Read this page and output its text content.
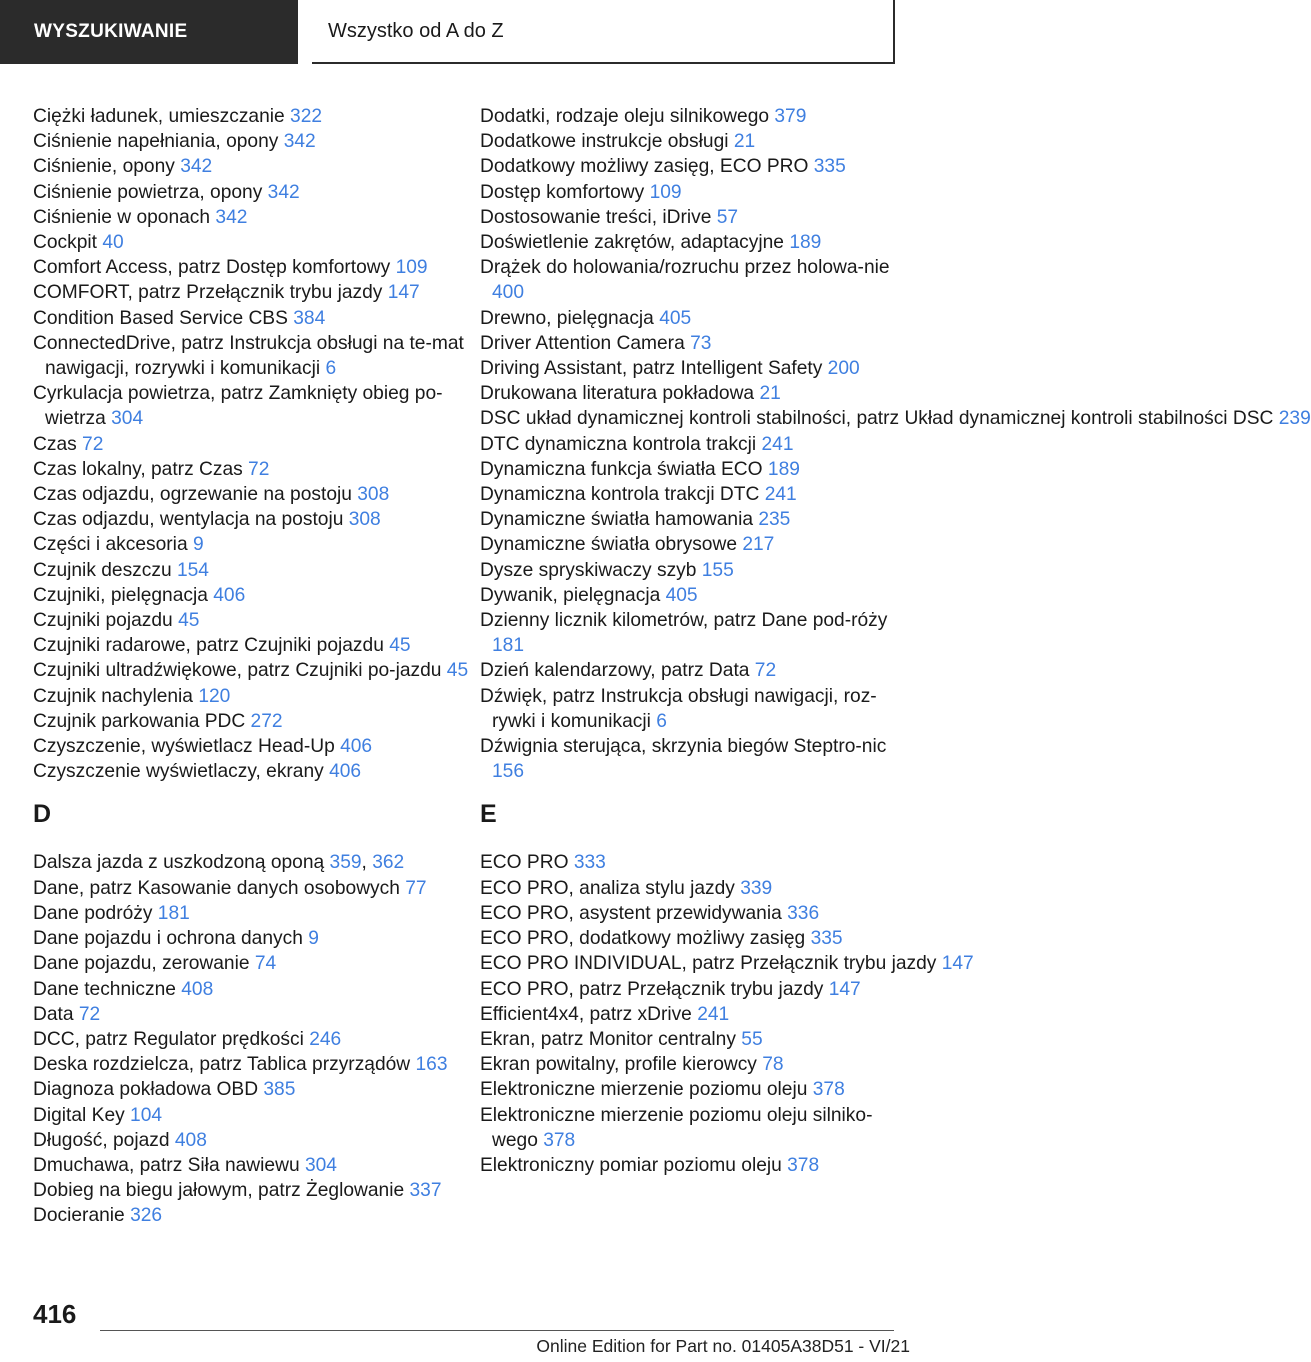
WYSZUKIWANIE	Wszystko od A do Z
Ciężki ładunek, umieszczanie 322
Ciśnienie napełniania, opony 342
Ciśnienie, opony 342
Ciśnienie powietrza, opony 342
Ciśnienie w oponach 342
Cockpit 40
Comfort Access, patrz Dostęp komfortowy 109
COMFORT, patrz Przełącznik trybu jazdy 147
Condition Based Service CBS 384
ConnectedDrive, patrz Instrukcja obsługi na te-mat nawigacji, rozrywki i komunikacji 6
Cyrkulacja powietrza, patrz Zamknięty obieg po-wietrza 304
Czas 72
Czas lokalny, patrz Czas 72
Czas odjazdu, ogrzewanie na postoju 308
Czas odjazdu, wentylacja na postoju 308
Części i akcesoria 9
Czujnik deszczu 154
Czujniki, pielęgnacja 406
Czujniki pojazdu 45
Czujniki radarowe, patrz Czujniki pojazdu 45
Czujniki ultradźwiękowe, patrz Czujniki po-jazdu 45
Czujnik nachylenia 120
Czujnik parkowania PDC 272
Czyszczenie, wyświetlacz Head-Up 406
Czyszczenie wyświetlaczy, ekrany 406
D
Dalsza jazda z uszkodzoną oponą 359, 362
Dane, patrz Kasowanie danych osobowych 77
Dane podróży 181
Dane pojazdu i ochrona danych 9
Dane pojazdu, zerowanie 74
Dane techniczne 408
Data 72
DCC, patrz Regulator prędkości 246
Deska rozdzielcza, patrz Tablica przyrządów 163
Diagnoza pokładowa OBD 385
Digital Key 104
Długość, pojazd 408
Dmuchawa, patrz Siła nawiewu 304
Dobieg na biegu jałowym, patrz Żeglowanie 337
Docieranie 326
Dodatki, rodzaje oleju silnikowego 379
Dodatkowe instrukcje obsługi 21
Dodatkowy możliwy zasięg, ECO PRO 335
Dostęp komfortowy 109
Dostosowanie treści, iDrive 57
Doświetlenie zakrętów, adaptacyjne 189
Drążek do holowania/rozruchu przez holowa-nie 400
Drewno, pielęgnacja 405
Driver Attention Camera 73
Driving Assistant, patrz Intelligent Safety 200
Drukowana literatura pokładowa 21
DSC układ dynamicznej kontroli stabilności, patrz Układ dynamicznej kontroli stabilności DSC 239
DTC dynamiczna kontrola trakcji 241
Dynamiczna funkcja światła ECO 189
Dynamiczna kontrola trakcji DTC 241
Dynamiczne światła hamowania 235
Dynamiczne światła obrysowe 217
Dysze spryskiwaczy szyb 155
Dywanik, pielęgnacja 405
Dzienny licznik kilometrów, patrz Dane pod-róży 181
Dzień kalendarzowy, patrz Data 72
Dźwięk, patrz Instrukcja obsługi nawigacji, roz-rywki i komunikacji 6
Dźwignia sterująca, skrzynia biegów Steptro-nic 156
E
ECO PRO 333
ECO PRO, analiza stylu jazdy 339
ECO PRO, asystent przewidywania 336
ECO PRO, dodatkowy możliwy zasięg 335
ECO PRO INDIVIDUAL, patrz Przełącznik trybu jazdy 147
ECO PRO, patrz Przełącznik trybu jazdy 147
Efficient4x4, patrz xDrive 241
Ekran, patrz Monitor centralny 55
Ekran powitalny, profile kierowcy 78
Elektroniczne mierzenie poziomu oleju 378
Elektroniczne mierzenie poziomu oleju silniko-wego 378
Elektroniczny pomiar poziomu oleju 378
416
Online Edition for Part no. 01405A38D51 - VI/21
